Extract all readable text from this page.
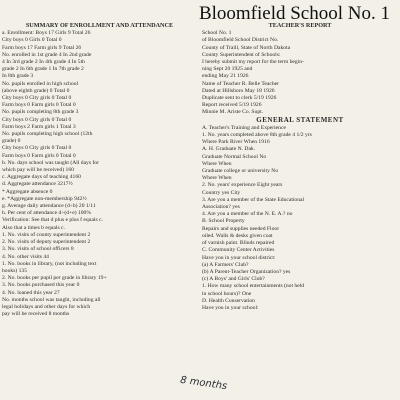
Bloomfield School No. 1
SUMMARY OF ENROLLMENT AND ATTENDANCE
a. Enrollment: Boys 17 Girls 9 Total 26
City boys 0 Girls 0 Total 0
Farm boys 17 Farm girls 9 Total 26
No. enrolled in 1st grade 4 In 2nd grade
4 In 3rd grade 2 In 4th grade 4 In 5th
grade 2 In 6th grade 1 In 7th grade 2
In 8th grade 3
No. pupils enrolled in high school
(above eighth grade) 0 Total 0
City boys 0 City girls 0 Total 0
Farm boys 0 Farm girls 0 Total 0
No. pupils completing 8th grade 3
City boys 0 City girls 0 Total 0
Farm boys 2 Farm girls 1 Total 3
No. pupils completing high school (12th
grade) 0
City boys 0 City girls 0 Total 0
Farm boys 0 Farm girls 0 Total 0
b. No. days school was taught (All days for
which pay will be received) 160
c. Aggregate days of teaching 4160
d. Aggregate attendance 3217½
* Aggregate absence 0
e. *Aggregate non-membership 942½
g. Average daily attendance (d÷b) 20 1/11
h. Per cent of attendance d÷(d+e) 100%
Verification: See that d plus e plus f equals c.
Also that a times b equals c.
1. No. visits of county superintendent 2
2. No. visits of deputy superintendent 2
3. No. visits of school officers 8
4. No. other visits 44
1. No. books in library, (not including text
books) 135
2. No. books per pupil per grade in library 19+
3. No. books purchased this year 0
4. No. loaned this year 27
No. months school was taught, including all
legal holidays and other days for which
pay will be received 8 months
TEACHER'S REPORT
School No. 1
of Bloomfield School District No.
County of Traill, State of North Dakota
County Superintendent of Schools:
I hereby submit my report for the term begin-
ning Sept 20 1925 and
ending May 21 1926
Name of Teacher R. Belle Teacher
Dated at Hillsboro May 18 1926
Duplicate sent to clerk 5/19 1926
Report received 5/19 1926
Minnie M. Ariste Co. Supt.
GENERAL STATEMENT
A. Teacher's Training and Experience
1. No. years completed above 8th grade 4 1/2 yrs
Where Park River When 1916
A. H. Graduate N. Dak.
Graduate Normal School No
Where When
Graduate college or university No
Where When
2. No. years' experience Eight years
Country yes City
3. Are you a member of the State Educational
Association? yes
4. Are you a member of the N. E. A.? no
B. School Property
Repairs and supplies needed Floor
oiled. Walls & desks given coat
of varnish paint. Blinds repaired
C. Community Center Activities
Have you in your school district:
(a) A Farmers' Club?
(b) A Parent-Teacher Organization? yes
(c) A Boys' and Girls' Club?
1. How many school entertainments (not held
in school hours)? One
D. Health Conservation
Have you in your school:
8 months
